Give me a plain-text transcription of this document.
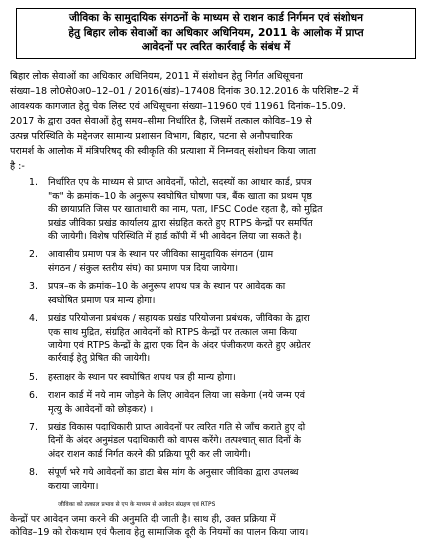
जीविका के सामुदायिक संगठनों के माध्यम से राशन कार्ड निर्गमन एवं संशोधन
हेतु बिहार लोक सेवाओं का अधिकार अधिनियम, 2011 के आलोक में प्राप्त
आवेदनों पर त्वरित कार्रवाई के संबंध में
बिहार लोक सेवाओं का अधिकार अधिनियम, 2011 में संशोधन हेतु निर्गत अधिसूचना
संख्या–18 लो0से0अ0–12–01 / 2016(खंड)–17408 दिनांक 30.12.2016 के परिशिष्ट–2 में
आवश्यक कागजात हेतु चेक लिस्ट एवं अधिसूचना संख्या–11960 एवं 11961 दिनांक–15.09.
2017 के द्वारा उक्त सेवाओं हेतु समय–सीमा निर्धारित है, जिसमें तत्काल कोविड–19 से
उत्पन्न परिस्थिति के मद्देनजर सामान्य प्रशासन विभाग, बिहार, पटना से अनौपचारिक
परामर्श के आलोक में मंत्रिपरिषद् की स्वीकृति की प्रत्याशा में निम्नवत् संशोधन किया जाता
है :-
1.	निर्धारित एप के माध्यम से प्राप्त आवेदनों, फोटो, सदस्यों का आधार कार्ड, प्रपत्र
"क" के क्रमांक–10 के अनुरूप स्वघोषित घोषणा पत्र, बैंक खाता का प्रथम पृष्ठ
की छायाप्रति जिस पर खाताधारी का नाम, पता, IFSC Code रहता है, को मुद्रित
प्रखंड जीविका प्रखंड कार्यालय द्वारा संग्रहित करते हुए RTPS केन्द्रों पर समर्पित
की जायेगी। विशेष परिस्थिति में हार्ड कॉपी में भी आवेदन लिया जा सकते है।
2.	आवासीय प्रमाण पत्र के स्थान पर जीविका सामुदायिक संगठन (ग्राम
संगठन / संकुल स्तरीय संघ) का प्रमाण पत्र दिया जायेगा।
3.	प्रपत्र–क के क्रमांक–10 के अनुरूप शपथ पत्र के स्थान पर आवेदक का
स्वघोषित प्रमाण पत्र मान्य होगा।
4.	प्रखंड परियोजना प्रबंधक / सहायक प्रखंड परियोजना प्रबंधक, जीविका के द्वारा
एक साथ मुद्रित, संग्रहित आवेदनों को RTPS केन्द्रों पर तत्काल जमा किया
जायेगा एवं RTPS केन्द्रों के द्वारा एक दिन के अंदर पंजीकरण करते हुए अग्रेतर
कार्रवाई हेतु प्रेषित की जायेगी।
5.	हस्ताक्षर के स्थान पर स्वघोषित शपथ पत्र ही मान्य होगा।
6.	राशन कार्ड में नये नाम जोड़ने के लिए आवेदन लिया जा सकेगा (नये जन्म एवं
मृत्यु के आवेदनों को छोड़कर) ।
7.	प्रखंड विकास पदाधिकारी प्राप्त आवेदनों पर त्वरित गति से जाँच कराते हुए दो
दिनों के अंदर अनुमंडल पदाधिकारी को वापस करेंगे। तत्पश्चात् सात दिनों के
अंदर राशन कार्ड निर्गत करने की प्रक्रिया पूरी कर ली जायेगी।
8.	संपूर्ण भरे गये आवेदनों का डाटा बेस मांग के अनुसार जीविका द्वारा उपलब्ध
कराया जायेगा।
जीविका को तत्काल प्रभाव से एप के माध्यम से आवेदन संग्रहण एवं RTPS
केन्द्रों पर आवेदन जमा करने की अनुमति दी जाती है। साथ ही, उक्त प्रक्रिया में
कोविड–19 को रोकथाम एवं फैलाव हेतु सामाजिक दूरी के नियमों का पालन किया जाय।
